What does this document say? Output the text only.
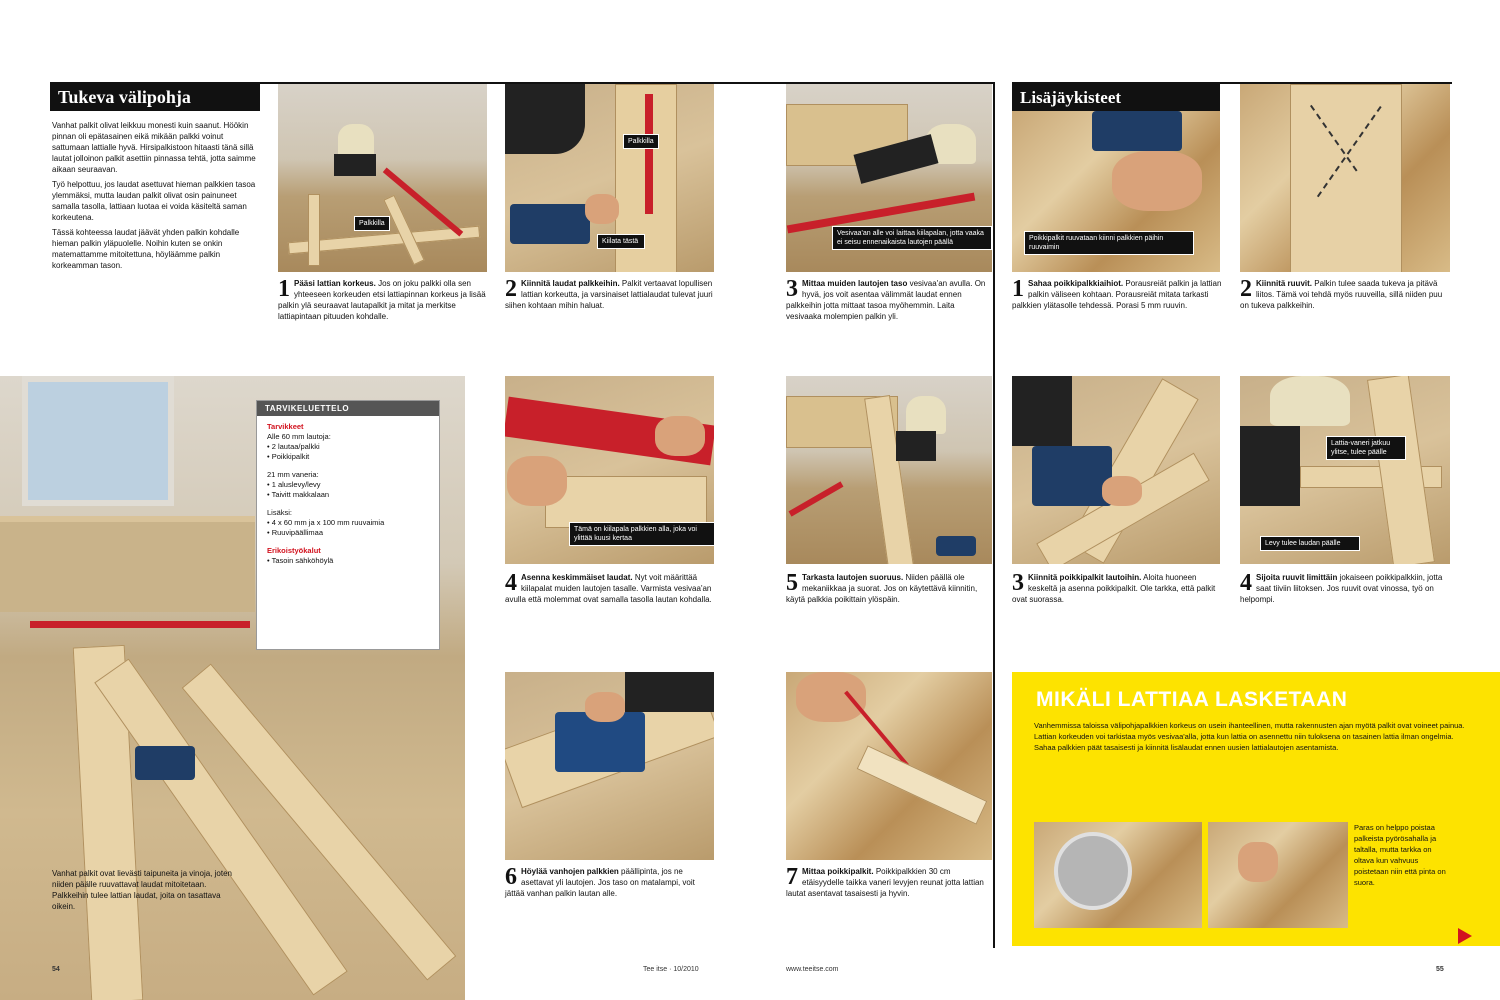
Tukeva välipohja

Vanhat palkit olivat leikkuu monesti kuin saanut. Höökin pinnan oli epätasainen eikä mikään palkki voinut sattumaan lattialle hyvä. Hirsipalkistoon hitaasti tänä sillä lautat jolloinon palkit asettiin pinnassa tehtä, jotta saimme aikaan seuraavan.

Työ helpottuu, jos laudat asettuvat hieman palkkien tasoa ylemmäksi, mutta laudan palkit olivat osin painuneet samalla tasolla, lattiaan luotaa ei voida käsiteltä saman korkeutena.

Tässä kohteessa laudat jäävät yhden palkin kohdalle hieman palkin yläpuolelle. Noihin kuten se onkin matemattamme mitoitettuna, höyläämme palkin korkeamman tason.

Palkkilla
1 Pääsi lattian korkeus. Jos on joku palkki olla sen yhteeseen korkeuden etsi lattiapinnan korkeus ja lisää palkin ylä seuraavat lautapalkit ja mitat ja merkitse lattiapintaan pituuden kohdalle.
Palkkilla
Kiilata tästä
2 Kiinnitä laudat palkkeihin. Palkit vertaavat lopullisen lattian korkeutta, ja varsinaiset lattialaudat tulevat juuri siihen kohtaan mihin haluat.
Vesivaa'an alle voi laittaa kiilapalan, jotta vaaka ei seisu ennenaikaista lautojen päällä
3 Mittaa muiden lautojen taso vesivaa'an avulla. On hyvä, jos voit asentaa välimmät laudat ennen palkkeihin jotta mittaat tasoa myöhemmin. Laita vesivaaka molempien palkin yli.
Vanhat palkit ovat lievästi taipuneita ja vinoja, joten niiden päälle ruuvattavat laudat mitoitetaan. Palkkeihin tulee lattian laudat, joita on tasattava oikein.
TARVIKELUETTELO
Tarvikkeet
Alle 60 mm lautoja:
• 2 lautaa/palkki
• Poikkipalkit
21 mm vaneria:
• 1 aluslevy/levy
• Taivitt makkalaan
Lisäksi:
• 4 x 60 mm ja x 100 mm ruuvaimia
• Ruuvipäällimaa
Erikoistyökalut
• Tasoin sähköhöylä
Tämä on kiilapala palkkien alla, joka voi ylittää kuusi kertaa
4 Asenna keskimmäiset laudat. Nyt voit määrittää kiilapalat muiden lautojen tasalle. Varmista vesivaa'an avulla että molemmat ovat samalla tasolla lautan kohdalla.
5 Tarkasta lautojen suoruus. Niiden päällä ole mekaniikkaa ja suorat. Jos on käytettävä kiinnitin, käytä palkkia poikittain ylöspäin.
6 Höylää vanhojen palkkien päällipinta, jos ne asettavat yli lautojen. Jos taso on matalampi, voit jättää vanhan palkin lautan alle.
7 Mittaa poikkipalkit. Poikkipalkkien 30 cm etäisyydelle taikka vaneri levyjen reunat jotta lattian lautat asentavat tasaisesti ja hyvin.
Lisäjäykisteet
Poikkipalkit ruuvataan kiinni palkkien päihin ruuvaimin
1 Sahaa poikkipalkkiaihiot. Porausreiät palkin ja lattian palkin väliseen kohtaan. Porausreiät mitata tarkasti palkkien ylätasolle tehdessä. Porasi 5 mm ruuvin.
2 Kiinnitä ruuvit. Palkin tulee saada tukeva ja pitävä liitos. Tämä voi tehdä myös ruuveilla, sillä niiden puu on tukeva palkkeihin.
3 Kiinnitä poikkipalkit lautoihin. Aloita huoneen keskeltä ja asenna poikkipalkit. Ole tarkka, että palkit ovat suorassa.
Lattia-vaneri jatkuu ylitse, tulee päälle
Levy tulee laudan päälle
4 Sijoita ruuvit limittäin jokaiseen poikkipalkkiin, jotta saat tiiviin liitoksen. Jos ruuvit ovat vinossa, työ on helpompi.
MIKÄLI LATTIAA LASKETAAN
Vanhemmissa taloissa välipohjapalkkien korkeus on usein ihanteellinen, mutta rakennusten ajan myötä palkit ovat voineet painua. Lattian korkeuden voi tarkistaa myös vesivaa'alla, jotta kun lattia on asennettu niin tuloksena on tasainen lattia ilman ongelmia. Sahaa palkkien päät tasaisesti ja kiinnitä lisälaudat ennen uusien lattialautojen asentamista.
Paras on helppo poistaa palkeista pyörösahalla ja taltalla, mutta tarkka on oltava kun vahvuus poistetaan niin että pinta on suora.
54	Tee itse · 10/2010	www.teeitse.com	55
